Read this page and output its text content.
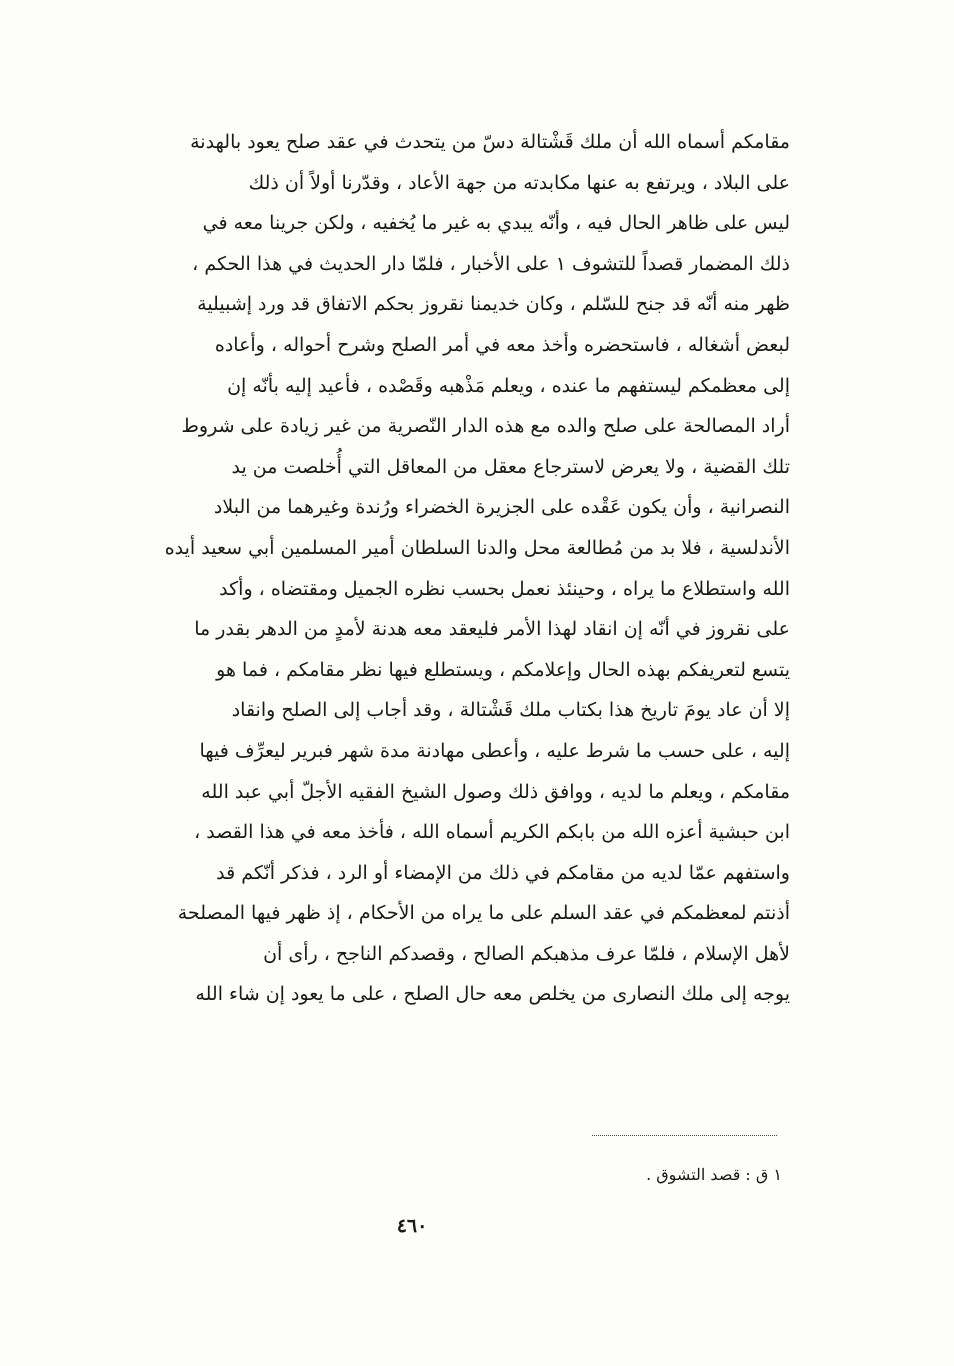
مقامكم أسماه الله أن ملك قَشْتالة دسّ من يتحدث في عقد صلح يعود بالهدنة
على البلاد ، ويرتفع به عنها مكابدته من جهة الأعاد ، وقدّرنا أولاً أن ذلك
ليس على ظاهر الحال فيه ، وأنّه يبدي به غير ما يُخفيه ، ولكن جرينا معه في
ذلك المضمار قصداً للتشوف ١ على الأخبار ، فلمّا دار الحديث في هذا الحكم ،
ظهر منه أنّه قد جنح للسّلم ، وكان خديمنا نقروز بحكم الاتفاق قد ورد إشبيلية
لبعض أشغاله ، فاستحضره وأخذ معه في أمر الصلح وشرح أحواله ، وأعاده
إلى معظمكم ليستفهم ما عنده ، ويعلم مَذْهبه وقَصْده ، فأعيد إليه بأنّه إن
أراد المصالحة على صلح والده مع هذه الدار النّصرية من غير زيادة على شروط
تلك القضية ، ولا يعرض لاسترجاع معقل من المعاقل التي أُخلصت من يد
النصرانية ، وأن يكون عَقْده على الجزيرة الخضراء ورُندة وغيرهما من البلاد
الأندلسية ، فلا بد من مُطالعة محل والدنا السلطان أمير المسلمين أبي سعيد أيده
الله واستطلاع ما يراه ، وحينئذ نعمل بحسب نظره الجميل ومقتضاه ، وأكد
على نقروز في أنّه إن انقاد لهذا الأمر فليعقد معه هدنة لأمدٍ من الدهر بقدر ما
يتسع لتعريفكم بهذه الحال وإعلامكم ، ويستطلع فيها نظر مقامكم ، فما هو
إلا أن عاد يومَ تاريخ هذا بكتاب ملك قَشْتالة ، وقد أجاب إلى الصلح وانقاد
إليه ، على حسب ما شرط عليه ، وأعطى مهادنة مدة شهر فبرير ليعرِّف فيها
مقامكم ، ويعلم ما لديه ، ووافق ذلك وصول الشيخ الفقيه الأجلّ أبي عبد الله
ابن حبشية أعزه الله من بابكم الكريم أسماه الله ، فأخذ معه في هذا القصد ،
واستفهم عمّا لديه من مقامكم في ذلك من الإمضاء أو الرد ، فذكر أنّكم قد
أذنتم لمعظمكم في عقد السلم على ما يراه من الأحكام ، إذ ظهر فيها المصلحة
لأهل الإسلام ، فلمّا عرف مذهبكم الصالح ، وقصدكم الناجح ، رأى أن
يوجه إلى ملك النصارى من يخلص معه حال الصلح ، على ما يعود إن شاء الله
١ ق : قصد التشوق .
٤٦٠
